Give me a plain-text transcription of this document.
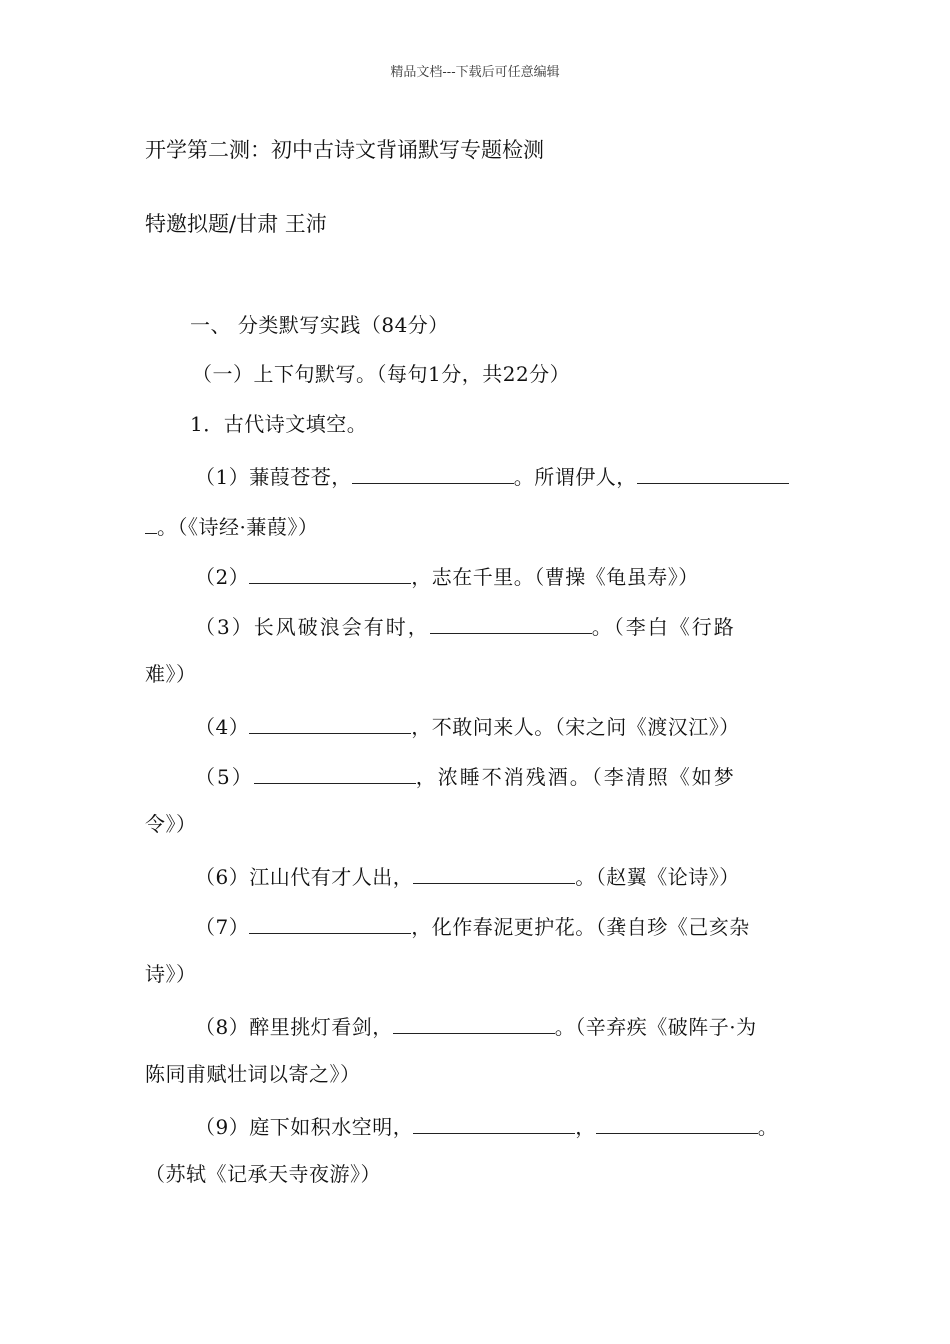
精品文档---下载后可任意编辑
开学第二测：初中古诗文背诵默写专题检测
特邀拟题/甘肃 王沛
一、 分类默写实践（84分）
（一）上下句默写。（每句1分，共22分）
1．古代诗文填空。
（1）蒹葭苍苍，	。所谓伊人，
。（《诗经·蒹葭》）
（2）	，志在千里。（曹操《龟虽寿》）
（3）长风破浪会有时，	。（李白《行路
难》）
（4）	，不敢问来人。（宋之问《渡汉江》）
（5）	，浓睡不消残酒。（李清照《如梦
令》）
（6）江山代有才人出，	。（赵翼《论诗》）
（7）	，化作春泥更护花。（龚自珍《己亥杂
诗》）
（8）醉里挑灯看剑，	。（辛弃疾《破阵子·为
陈同甫赋壮词以寄之》）
（9）庭下如积水空明，	，	。
（苏轼《记承天寺夜游》）
